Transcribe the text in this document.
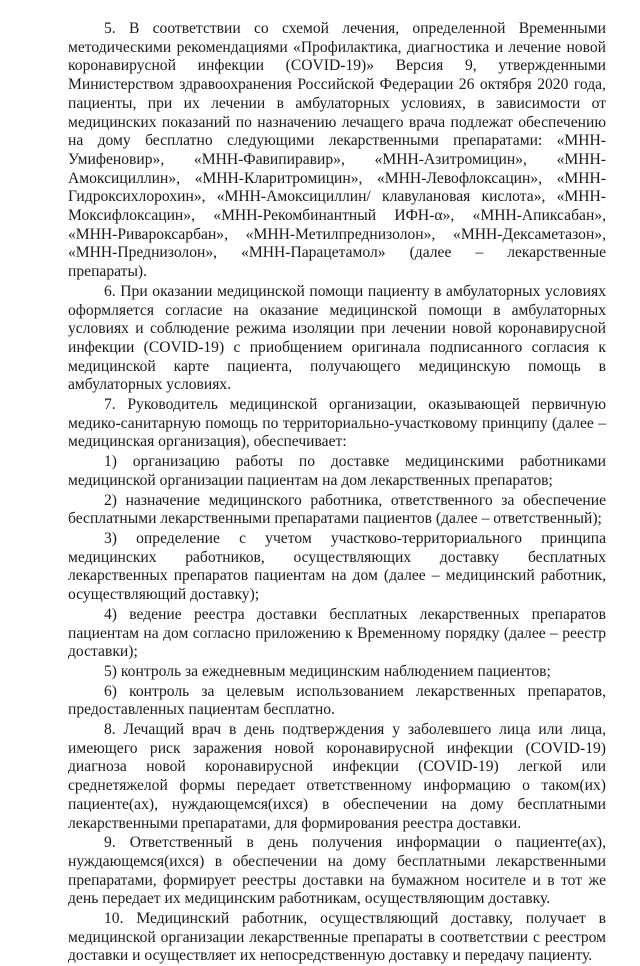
5. В соответствии со схемой лечения, определенной Временными методическими рекомендациями «Профилактика, диагностика и лечение новой коронавирусной инфекции (COVID-19)» Версия 9, утвержденными Министерством здравоохранения Российской Федерации 26 октября 2020 года, пациенты, при их лечении в амбулаторных условиях, в зависимости от медицинских показаний по назначению лечащего врача подлежат обеспечению на дому бесплатно следующими лекарственными препаратами: «МНН-Умифеновир», «МНН-Фавипиравир», «МНН-Азитромицин», «МНН-Амоксициллин», «МНН-Кларитромицин», «МНН-Левофлоксацин», «МНН-Гидроксихлорохин», «МНН-Амоксициллин/ клавулановая кислота», «МНН-Моксифлоксацин», «МНН-Рекомбинантный ИФН-α», «МНН-Апиксабан», «МНН-Ривароксарбан», «МНН-Метилпреднизолон», «МНН-Дексаметазон», «МНН-Преднизолон», «МНН-Парацетамол» (далее – лекарственные препараты).

6. При оказании медицинской помощи пациенту в амбулаторных условиях оформляется согласие на оказание медицинской помощи в амбулаторных условиях и соблюдение режима изоляции при лечении новой коронавирусной инфекции (COVID-19) с приобщением оригинала подписанного согласия к медицинской карте пациента, получающего медицинскую помощь в амбулаторных условиях.

7. Руководитель медицинской организации, оказывающей первичную медико-санитарную помощь по территориально-участковому принципу (далее – медицинская организация), обеспечивает:

1) организацию работы по доставке медицинскими работниками медицинской организации пациентам на дом лекарственных препаратов;

2) назначение медицинского работника, ответственного за обеспечение бесплатными лекарственными препаратами пациентов (далее – ответственный);

3) определение с учетом участково-территориального принципа медицинских работников, осуществляющих доставку бесплатных лекарственных препаратов пациентам на дом (далее – медицинский работник, осуществляющий доставку);

4) ведение реестра доставки бесплатных лекарственных препаратов пациентам на дом согласно приложению к Временному порядку (далее – реестр доставки);

5) контроль за ежедневным медицинским наблюдением пациентов;

6) контроль за целевым использованием лекарственных препаратов, предоставленных пациентам бесплатно.

8. Лечащий врач в день подтверждения у заболевшего лица или лица, имеющего риск заражения новой коронавирусной инфекции (COVID-19) диагноза новой коронавирусной инфекции (COVID-19) легкой или среднетяжелой формы передает ответственному информацию о таком(их) пациенте(ах), нуждающемся(ихся) в обеспечении на дому бесплатными лекарственными препаратами, для формирования реестра доставки.

9. Ответственный в день получения информации о пациенте(ах), нуждающемся(ихся) в обеспечении на дому бесплатными лекарственными препаратами, формирует реестры доставки на бумажном носителе и в тот же день передает их медицинским работникам, осуществляющим доставку.

10. Медицинский работник, осуществляющий доставку, получает в медицинской организации лекарственные препараты в соответствии с реестром доставки и осуществляет их непосредственную доставку и передачу пациенту.
